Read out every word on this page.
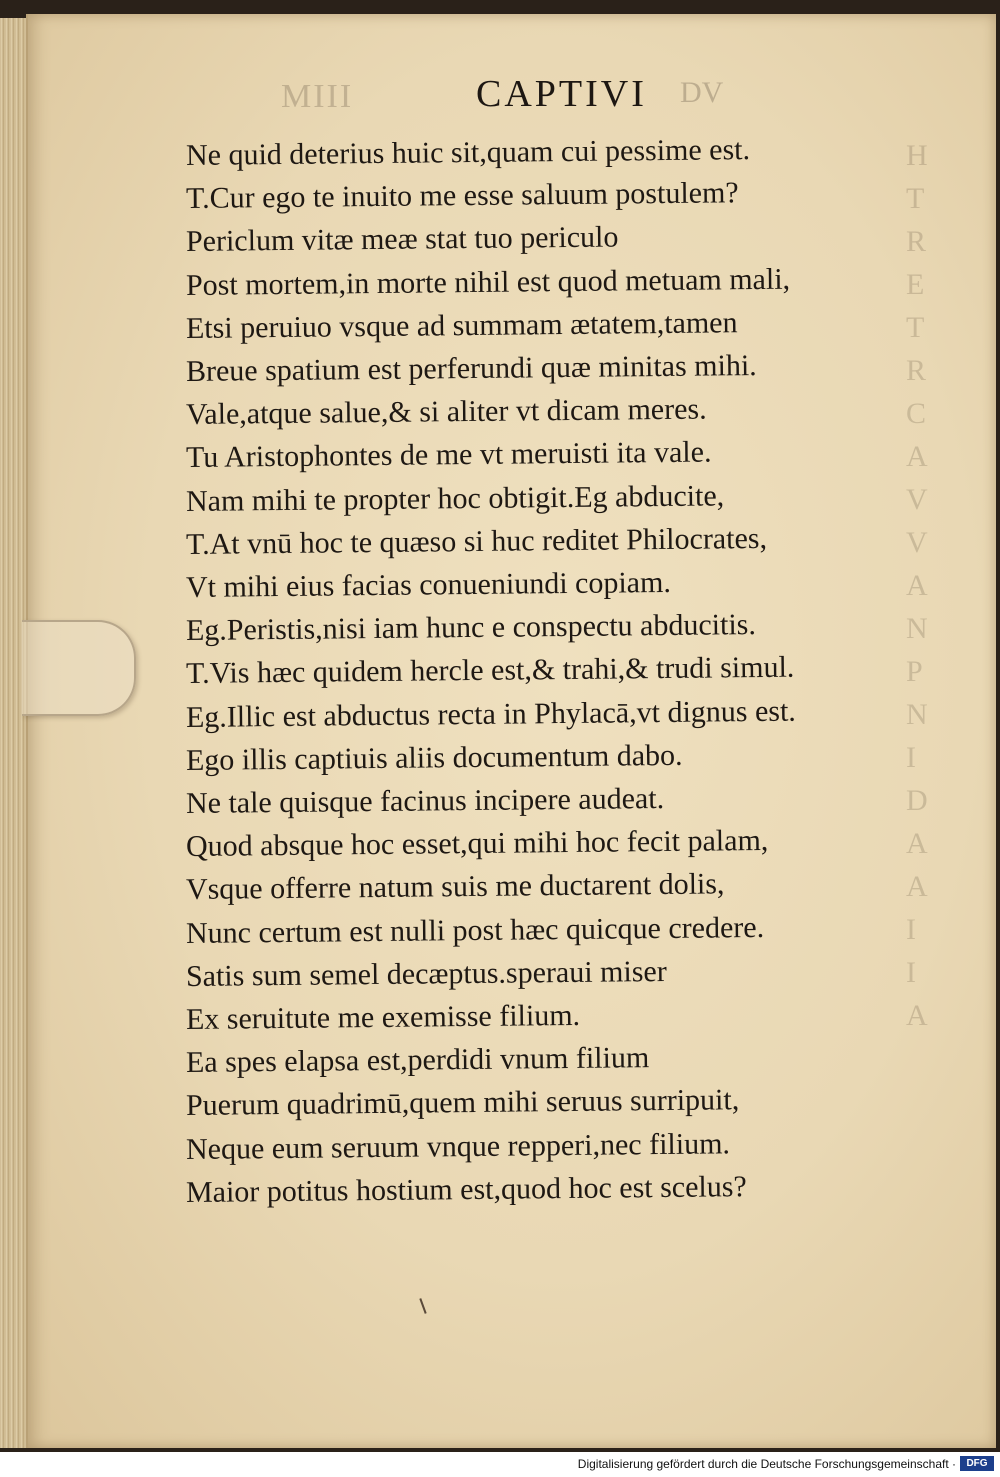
H
T
R
E
T
R
C
A
V
V
A
N
P
N
I
D
A
A
I
I
A
MIII	CAPTIVI DV
Ne quid deterius huic sit,quam cui pessime est.
T.Cur ego te inuito me esse saluum postulem?
Periclum vitæ meæ stat tuo periculo
Post mortem,in morte nihil est quod metuam mali,
Etsi peruiuo vsque ad summam ætatem,tamen
Breue spatium est perferundi quæ minitas mihi.
Vale,atque salue,& si aliter vt dicam meres.
Tu Aristophontes de me vt meruisti ita vale.
Nam mihi te propter hoc obtigit.Eg abducite,
T.At vnū hoc te quæso si huc reditet Philocrates,
Vt mihi eius facias conueniundi copiam.
Eg.Peristis,nisi iam hunc e conspectu abducitis.
T.Vis hæc quidem hercle est,& trahi,& trudi simul.
Eg.Illic est abductus recta in Phylacā,vt dignus est.
Ego illis captiuis aliis documentum dabo.
Ne tale quisque facinus incipere audeat.
Quod absque hoc esset,qui mihi hoc fecit palam,
Vsque offerre natum suis me ductarent dolis,
Nunc certum est nulli post hæc quicque credere.
Satis sum semel decæptus.speraui miser
Ex seruitute me exemisse filium.
Ea spes elapsa est,perdidi vnum filium
Puerum quadrimū,quem mihi seruus surripuit,
Neque eum seruum vnque repperi,nec filium.
Maior potitus hostium est,quod hoc est scelus?
Digitalisierung gefördert durch die Deutsche Forschungsgemeinschaft ·	DFG
